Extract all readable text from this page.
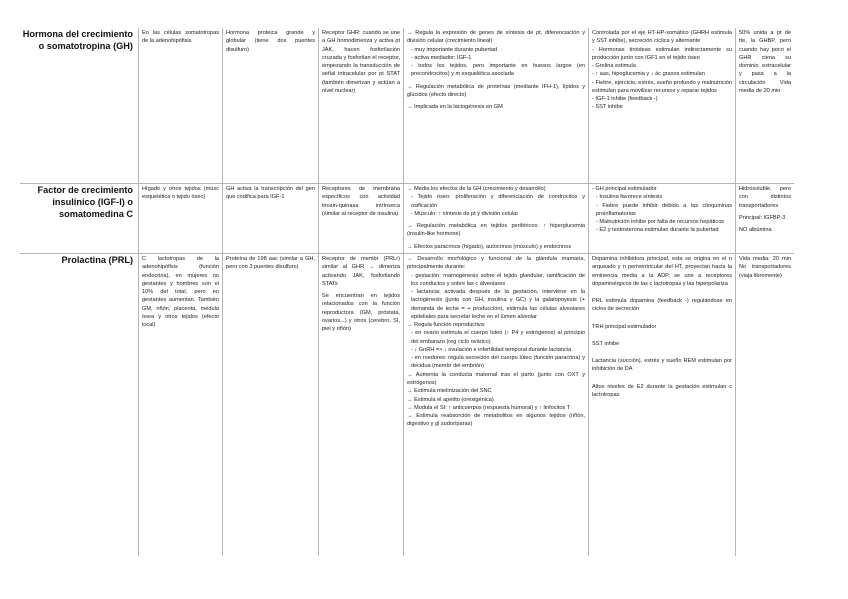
Hormona del crecimiento o somatotropina (GH)
En las células somatotropas de la adenohipófisis
Hormona proteica grande y globular (tiene dos puentes disulfuro)
Receptor GHR: cuando se une a GH homodimeriza y activa pt JAK, hacen fosforilación cruzada y fosforilan el receptor, empezando la transducción de señal intracelular por pt STAT (también dimerizan y actúan a nivel nuclear)

→ Regula la expresión de genes de síntesis de pt, diferenciación y división celular (crecimiento lineal)

- muy importante durante pubertad

- activa mediador: IGF-1

- todos los tejidos, pero importante en huesos largos (en precondrocitos) y m esquelética asociada

→ Regulación metabólica de proteínas (mediante IFH-1), lípidos y glúcidos (efecto directo)

→ Implicada en la lactogénesis en GM

Controlada por el eje HT-HP-somático (GHRH estimula y SST inhibe), secreción cíclica y alternante

- Hormonas tiroideas estimulan indirectamente su producción junto con IGF1 en el tejido óseo

- Grelina estimula

- ↑ aas, hipoglucemia y ↓ ác grasos estimulan

- Fiebre, ejercicio, estrés, sueño profundo y malnutrición estimulan para movilizar recursos y reparar tejidos

- IGF-1 inhibe (feedback -)

- SST inhibe

50% unida a pt de tte, la GHBP, pero cuando hay poco el GHR ciena su dominio extracelular y pasa a la circulación Vida media de 20 min
Factor de crecimiento insulínico (IGF-I) o somatomedina C
Hígado y otros tejidos (músc esquelética o tejido óseo)
GH activa la transcripción del gen que codifica para IGF-1
Receptores de membrana específicos con actividad tirosin-quinasa intrínseca (similar al receptor de insulina)

→ Media los efectos de la GH (crecimiento y desarrollo)

- Tejido óseo: proliferación y diferenciación de condrocitos y osificación

- Músculo: ↑ síntesis de pt y división celular

→ Regulación metabólica en tejidos periféricos: ↑ hiperglucemia (insulin-like hormone)

→ Efectos paracrinos (hígado), autocrinos (músculo) y endocrinos

- GH principal estimulador

- Insulina favorece síntesis

- Fiebre puede inhibir debido a las citoquininas proinflamatorias

- Malnutrición inhibe por falta de recursos hepáticos

- E2 y testosterona estimulan durante la pubertad

Hidrosoluble, pero con distintos transportadores

Principal: IGFBP-3

NO albúmina

Prolactina (PRL)	C lactotropas de la adenohipófisis (función endocrina), en mujeres no gestantes y hombres son el 10% del total, pero en gestantes aumentan. También GM, riñón, placenta, médula ósea y otros tejidos (efecto local)
Proteína de 198 aac (similar a GH, pero con 3 puentes disulfuro)

Receptor de membr (PRLr) similar al GHR → dimeriza activando JAK, fosforilando STATs

Se encuentran en tejidos relacionados con la función reproductora (GM, próstata, ovarios...) y otros (cerebro, SI, piel y riñón)

→ Desarrollo morfológico y funcional de la glándula mamaria, principalmente durante:

- gestación: mamogénesis sobre el tejido glandular, ramificación de los conductos y sobre las c alveolares

- lactancia: activada después de la gestación, interviene en la lactogénesis (junto con GH, insulina y GC) y la galatopoyesis (+ demanda de leche = + producción), estimula las células alveolares epiteliales para secretar leche en el lúmen alveolar

→ Regula función reproductiva:

- en ovario estimula el cuerpo lúteo (↑ P4 y estrógenos) al principio del embarazo (reg ciclo ovárico)

- ↓ GnRH => ↓ ovulación e infertilidad temporal durante lactancia

- en roedores: regula secreción del cuerpo lúteo (función paracrina) y decidua (membr del embrión)

→ Aumenta la conducta maternal tras el parto (junto con OXT y estrógenos)

→ Estimula mielinización del SNC

→ Estimula el apetito (orexigénica)

→ Modula el SI: ↑ anticuerpos (respuesta humoral) y ↑ linfocitos T

→ Estimula reabsorción de metabolitos en algunos tejidos (riñón, digestivo y gl sudoríparas)

Dopamina inhibidora principal, esta se origina en el n arqueado y n periventricular del HT, proyectan hacia la eminencia media a la ADP, se une a receptores dopaminérgicos de las c lactotropas y las hiperpolariza

PRL estimula dopamina (feedback -) regulándose en ciclos de secreción

TRH principal estimulador

SST inhibe

Lactancia (succión), estrés y sueño REM estimulan por inhibición de DA

Altos niveles de E2 durante la gestación estimulan c lactotropas

Vida media: 20 min No transportadores (viaja libremente)
